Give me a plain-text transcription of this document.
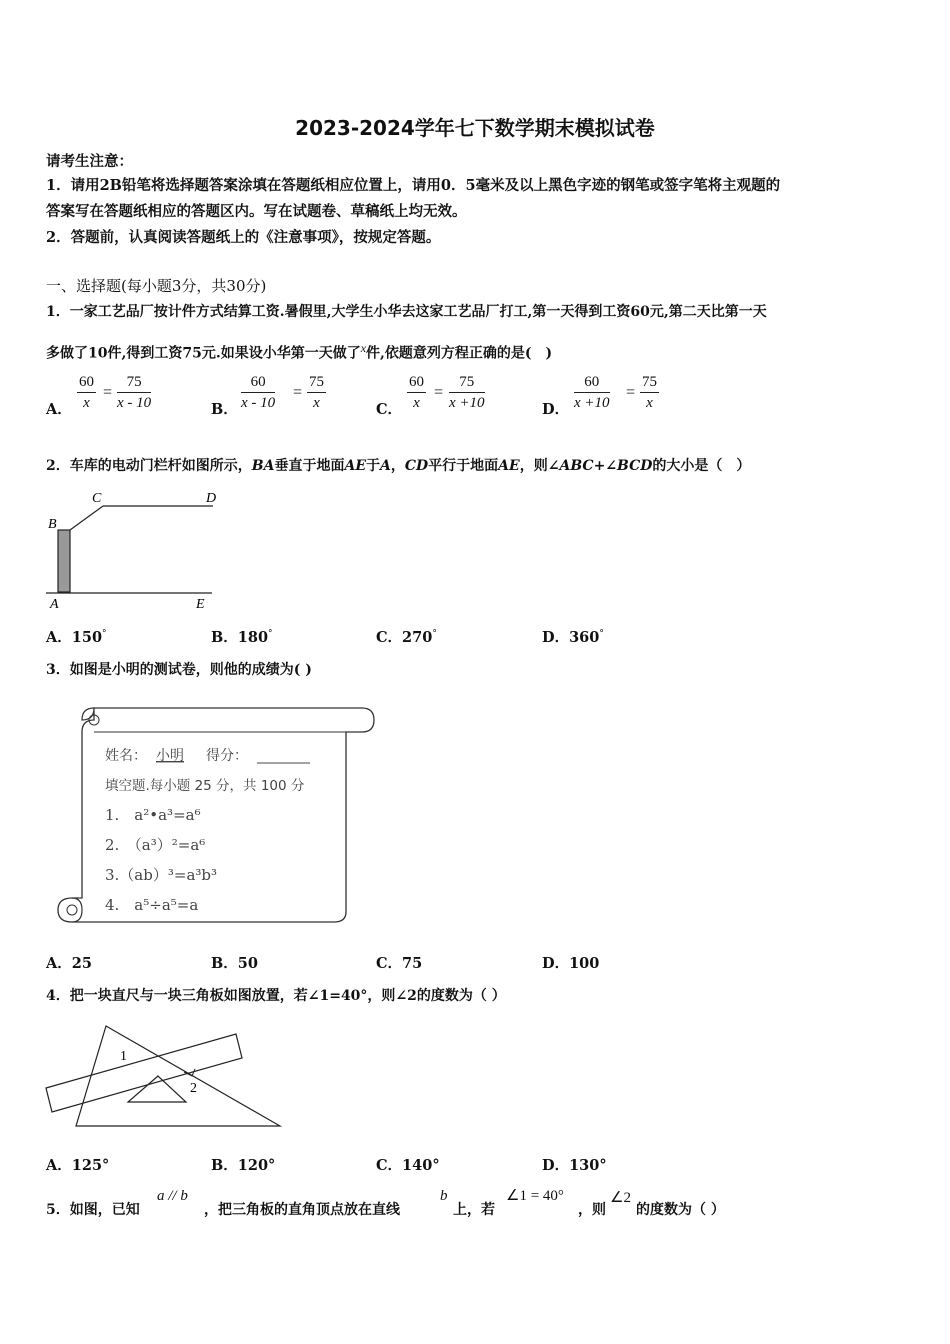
2023-2024学年七下数学期末模拟试卷
请考生注意：
1．请用2B铅笔将选择题答案涂填在答题纸相应位置上，请用0．5毫米及以上黑色字迹的钢笔或签字笔将主观题的
答案写在答题纸相应的答题区内。写在试题卷、草稿纸上均无效。
2．答题前，认真阅读答题纸上的《注意事项》，按规定答题。
一、选择题(每小题3分，共30分)
1．一家工艺品厂按计件方式结算工资.暑假里,大学生小华去这家工艺品厂打工,第一天得到工资60元,第二天比第一天
多做了10件,得到工资75元.如果设小华第一天做了$^x$件,依题意列方程正确的是(　)
A． $\frac{60}{x} = \frac{75}{x - 10}$	B． $\frac{60}{x - 10} = \frac{75}{x}$	C． $\frac{60}{x} = \frac{75}{x +10}$	D． $\frac{60}{x +10} = \frac{75}{x}$
2．车库的电动门栏杆如图所示，BA垂直于地面AE于A，CD平行于地面AE，则∠ABC+∠BCD的大小是（　）
B
C	D
A	E
A．150°	B．180°	C．270°	D．360°
3．如图是小明的测试卷，则他的成绩为( )
姓名： 小明 得分：
填空题.每小题 25 分，共 100 分
1.　a²•a³=a⁶
2.　（a³）²=a⁶
3.（ab）³=a³b³
4.　a⁵÷a⁵=a
A．25	B．50	C．75	D．100
4．把一块直尺与一块三角板如图放置，若∠1=40°，则∠2的度数为（ ）
1
2
A．125°	B．120°	C．140°	D．130°
5．如图，已知
a // b
，把三角板的直角顶点放在直线
b
上，若
∠1 = 40°
，则
∠2
的度数为（ ）
